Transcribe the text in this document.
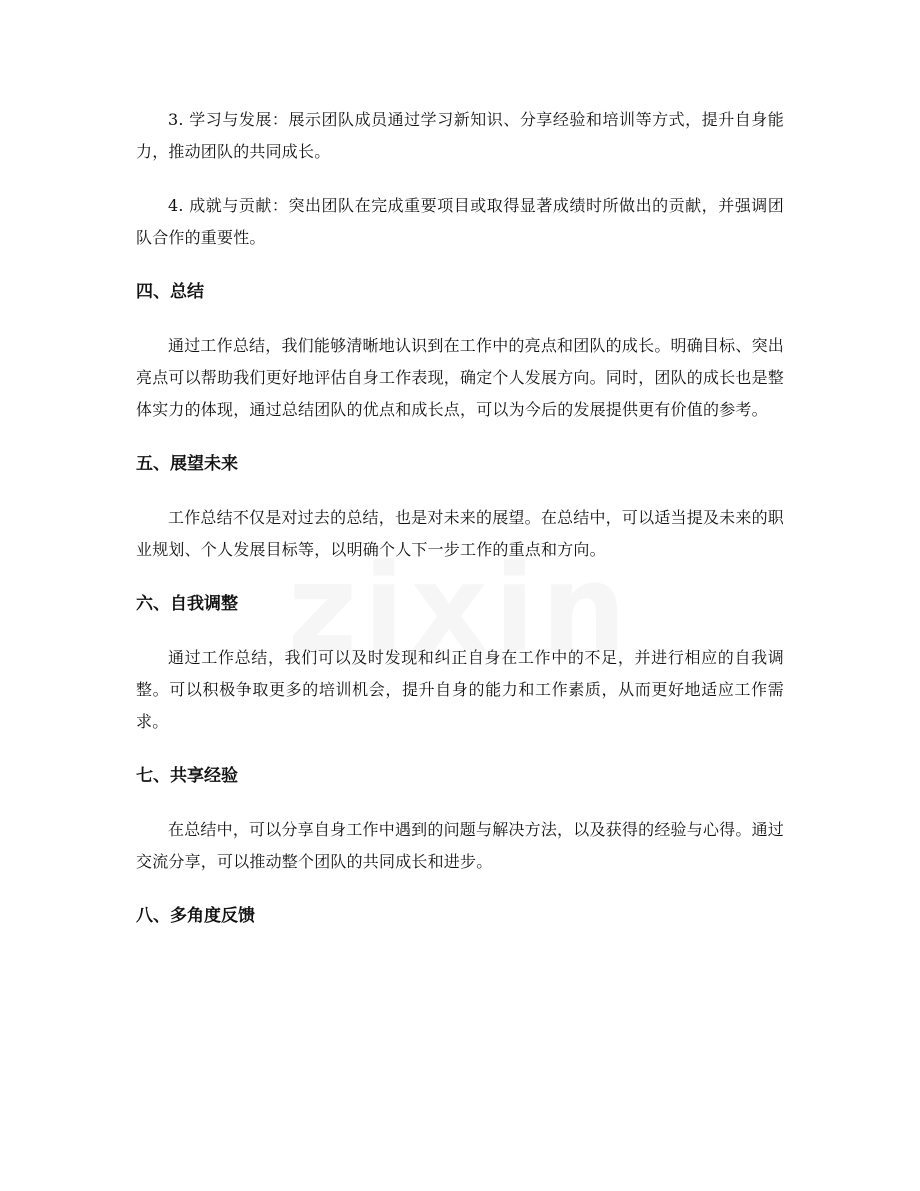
3. 学习与发展：展示团队成员通过学习新知识、分享经验和培训等方式，提升自身能力，推动团队的共同成长。

4. 成就与贡献：突出团队在完成重要项目或取得显著成绩时所做出的贡献，并强调团队合作的重要性。

四、总结

通过工作总结，我们能够清晰地认识到在工作中的亮点和团队的成长。明确目标、突出亮点可以帮助我们更好地评估自身工作表现，确定个人发展方向。同时，团队的成长也是整体实力的体现，通过总结团队的优点和成长点，可以为今后的发展提供更有价值的参考。

五、展望未来

工作总结不仅是对过去的总结，也是对未来的展望。在总结中，可以适当提及未来的职业规划、个人发展目标等，以明确个人下一步工作的重点和方向。

六、自我调整

通过工作总结，我们可以及时发现和纠正自身在工作中的不足，并进行相应的自我调整。可以积极争取更多的培训机会，提升自身的能力和工作素质，从而更好地适应工作需求。

七、共享经验

在总结中，可以分享自身工作中遇到的问题与解决方法，以及获得的经验与心得。通过交流分享，可以推动整个团队的共同成长和进步。

八、多角度反馈
